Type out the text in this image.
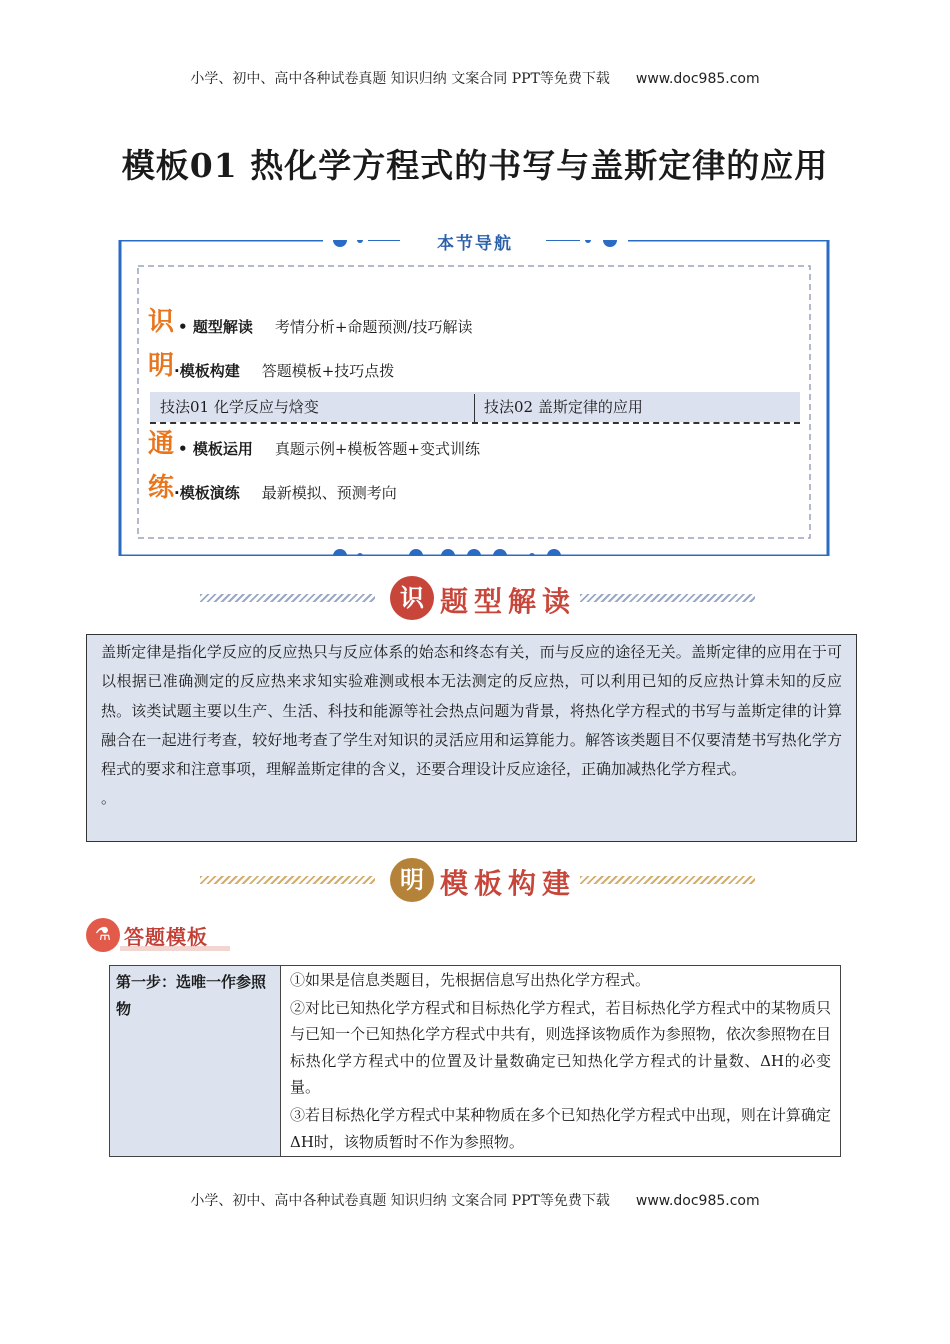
小学、初中、高中各种试卷真题 知识归纳 文案合同 PPT等免费下载 www.doc985.com
模板01 热化学方程式的书写与盖斯定律的应用
本节导航
识 • 题型解读 考情分析+命题预测/技巧解读
明 ·模板构建 答题模板+技巧点拨
技法01 化学反应与焓变	技法02 盖斯定律的应用
通 • 模板运用 真题示例+模板答题+变式训练
练 ·模板演练 最新模拟、预测考向
识 题型解读
盖斯定律是指化学反应的反应热只与反应体系的始态和终态有关，而与反应的途径无关。盖斯定律的应用在于可以根据已准确测定的反应热来求知实验难测或根本无法测定的反应热，可以利用已知的反应热计算未知的反应热。该类试题主要以生产、生活、科技和能源等社会热点问题为背景，将热化学方程式的书写与盖斯定律的计算融合在一起进行考查，较好地考查了学生对知识的灵活应用和运算能力。解答该类题目不仅要清楚书写热化学方程式的要求和注意事项，理解盖斯定律的含义，还要合理设计反应途径，正确加减热化学方程式。
。
明 模板构建
⚗ 答题模板
第一步：选唯一作参照物	

①如果是信息类题目，先根据信息写出热化学方程式。

②对比已知热化学方程式和目标热化学方程式，若目标热化学方程式中的某物质只与已知一个已知热化学方程式中共有，则选择该物质作为参照物，依次参照物在目标热化学方程式中的位置及计量数确定已知热化学方程式的计量数、ΔH的必变量。

③若目标热化学方程式中某种物质在多个已知热化学方程式中出现，则在计算确定ΔH时，该物质暂时不作为参照物。

小学、初中、高中各种试卷真题 知识归纳 文案合同 PPT等免费下载 www.doc985.com
